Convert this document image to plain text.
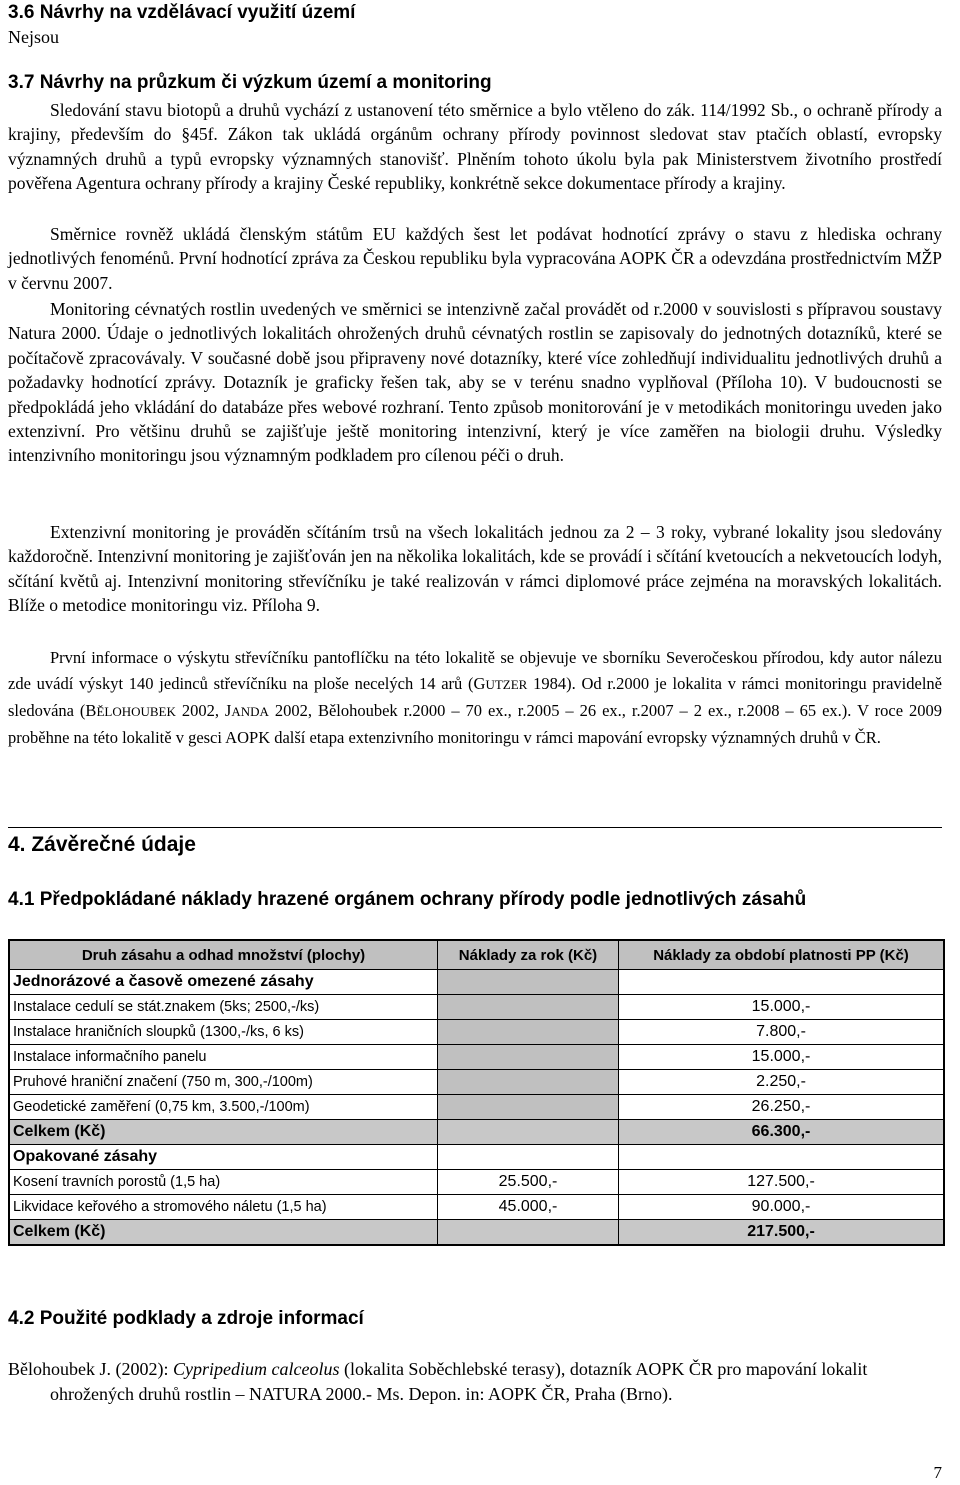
3.6 Návrhy na vzdělávací využití území
Nejsou
3.7 Návrhy na průzkum či výzkum území a monitoring

Sledování stavu biotopů a druhů vychází z ustanovení této směrnice a bylo vtěleno do zák. 114/1992 Sb., o ochraně přírody a krajiny, především do §45f. Zákon tak ukládá orgánům ochrany přírody povinnost sledovat stav ptačích oblastí, evropsky významných druhů a typů evropsky významných stanovišť. Plněním tohoto úkolu byla pak Ministerstvem životního prostředí pověřena Agentura ochrany přírody a krajiny České republiky, konkrétně sekce dokumentace přírody a krajiny.

Směrnice rovněž ukládá členským státům EU každých šest let podávat hodnotící zprávy o stavu z hlediska ochrany jednotlivých fenoménů. První hodnotící zpráva za Českou republiku byla vypracována AOPK ČR a odevzdána prostřednictvím MŽP v červnu 2007.

Monitoring cévnatých rostlin uvedených ve směrnici se intenzivně začal provádět od r.2000 v souvislosti s přípravou soustavy Natura 2000. Údaje o jednotlivých lokalitách ohrožených druhů cévnatých rostlin se zapisovaly do jednotných dotazníků, které se počítačově zpracovávaly. V současné době jsou připraveny nové dotazníky, které více zohledňují individualitu jednotlivých druhů a požadavky hodnotící zprávy. Dotazník je graficky řešen tak, aby se v terénu snadno vyplňoval (Příloha 10). V budoucnosti se předpokládá jeho vkládání do databáze přes webové rozhraní. Tento způsob monitorování je v metodikách monitoringu uveden jako extenzivní. Pro většinu druhů se zajišťuje ještě monitoring intenzivní, který je více zaměřen na biologii druhu. Výsledky intenzivního monitoringu jsou významným podkladem pro cílenou péči o druh.

Extenzivní monitoring je prováděn sčítáním trsů na všech lokalitách jednou za 2 – 3 roky, vybrané lokality jsou sledovány každoročně. Intenzivní monitoring je zajišťován jen na několika lokalitách, kde se provádí i sčítání kvetoucích a nekvetoucích lodyh, sčítání květů aj. Intenzivní monitoring střevíčníku je také realizován v rámci diplomové práce zejména na moravských lokalitách. Blíže o metodice monitoringu viz. Příloha 9.

První informace o výskytu střevíčníku pantoflíčku na této lokalitě se objevuje ve sborníku Severočeskou přírodou, kdy autor nálezu zde uvádí výskyt 140 jedinců střevíčníku na ploše necelých 14 arů (GUTZER 1984). Od r.2000 je lokalita v rámci monitoringu pravidelně sledována (BĚLOHOUBEK 2002, JANDA 2002, Bělohoubek r.2000 – 70 ex., r.2005 – 26 ex., r.2007 – 2 ex., r.2008 – 65 ex.). V roce 2009 proběhne na této lokalitě v gesci AOPK další etapa extenzivního monitoringu v rámci mapování evropsky významných druhů v ČR.

4. Závěrečné údaje
4.1 Předpokládané náklady hrazené orgánem ochrany přírody podle jednotlivých zásahů
Druh zásahu a odhad množství (plochy)	Náklady za rok (Kč)	Náklady za období platnosti PP (Kč)
Jednorázové a časově omezené zásahy		
Instalace cedulí se stát.znakem (5ks; 2500,-/ks)		15.000,-
Instalace hraničních sloupků (1300,-/ks, 6 ks)		7.800,-
Instalace informačního panelu		15.000,-
Pruhové hraniční značení (750 m, 300,-/100m)		2.250,-
Geodetické zaměření (0,75 km, 3.500,-/100m)		26.250,-
Celkem (Kč)		66.300,-
Opakované zásahy		
Kosení travních porostů (1,5 ha)	25.500,-	127.500,-
Likvidace keřového a stromového náletu (1,5 ha)	45.000,-	90.000,-
Celkem (Kč)		217.500,-
4.2 Použité podklady a zdroje informací
Bělohoubek J. (2002): Cypripedium calceolus (lokalita Soběchlebské terasy), dotazník AOPK ČR pro mapování lokalit ohrožených druhů rostlin – NATURA 2000.- Ms. Depon. in: AOPK ČR, Praha (Brno).
7
